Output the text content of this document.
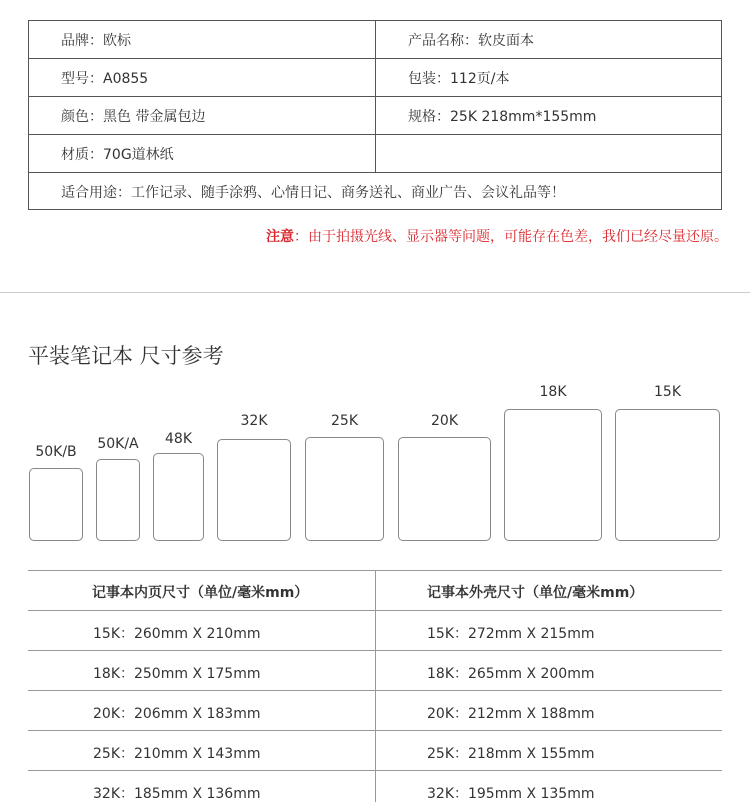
品牌：欧标	产品名称：软皮面本
型号：A0855	包装：112页/本
颜色：黑色 带金属包边	规格：25K 218mm*155mm
材质：70G道林纸
适合用途：工作记录、随手涂鸦、心情日记、商务送礼、商业广告、会议礼品等！
注意：由于拍摄光线、显示器等问题，可能存在色差，我们已经尽量还原。
平装笔记本 尺寸参考
50K/B	50K/A	48K
32K	25K	20K
18K	15K
记事本内页尺寸（单位/毫米mm）	记事本外壳尺寸（单位/毫米mm）
15K：260mm X 210mm	15K：272mm X 215mm
18K：250mm X 175mm	18K：265mm X 200mm
20K：206mm X 183mm	20K：212mm X 188mm
25K：210mm X 143mm	25K：218mm X 155mm
32K：185mm X 136mm	32K：195mm X 135mm
